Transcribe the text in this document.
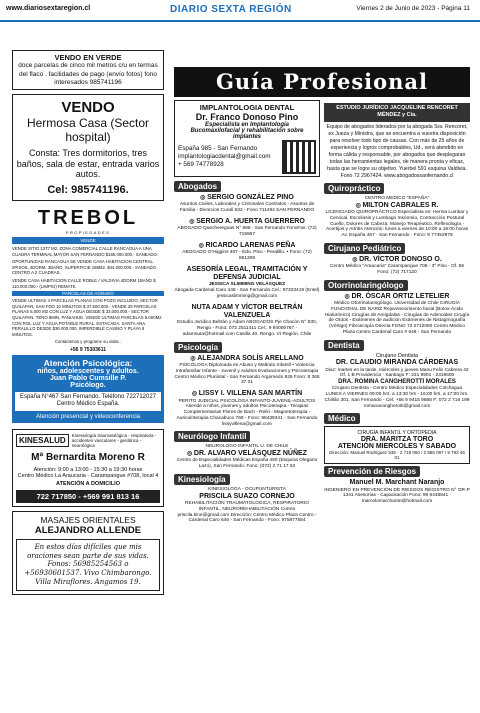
www.diariosextaregion.cl	DIARIO SEXTA REGIÓN	Viernes 2 de Junio de 2023 - Página 11
VENDO EN VERDE
doce parcelas de cinco mil metros c/u en termas del flaco . facilidades de pago (envío fotos) fono interesados 985741196
VENDO
Hermosa Casa (Sector hospital)
Consta: Tres dormitorios, tres baños, sala de estar, entrada varios autos.
Cel: 985741196.
TREBOL
PROPIEDADES
VENDE

VENDE SITIO 1377 M2. ZONA COMERCIAL CALLE RANCAGUA A UNA CUADRA TERMINAL MAYOR SAN FERNANDO $185.000.000.- SANEADO.

OPORTUNIDAD RANCAGUA SE VENDE CASA HABITACION CENTRAL. 2PISOS, 4DORM, 3BAÑO, SUPERFICIE 188M2. $44.000.000.- SANEADO. CENTRO A 2 CUADRAS.

VENDE CASA HABITACION CALLE ROBLE / VALDIVIA 4DORM 1BAÑO $ 110.000.000.- (LIMPIO) REMATE

PARCELAS DE AGRADO

VENDE ULTIMAS 4 PARCELAS PLANAS CON POZO INCLUIDO, SECTOR QUILAPAN, SAN FDO 10 MINUTOS $ 37.500.000.- VENDE 29 PARCELAS PLANAS 5.000 M2 CON LUZ Y AGUA DESDE $ 33.000.000.- SECTOR QUILAPAN. TENO 8MIN, PANIAHUE. VENDE ULTIMAS PARCELAS 5.000M2 CON ROL LUZ Y AGUA POTABLE RURAL. ESTACADA. SANTA ANA. PERALILLO DESDE $36.000.000. IMPERDIBLE CASINO Y PLAYA 8 MINUTOS.

Contáctenos y programe su visita .

+56 9 75303611
Atención Psicológica:
niños, adolescentes y adultos.
Juan Pablo Cumsille P.
Psicólogo.
España N°467 San Fernando. Teléfono 722712027 Centro Médico España.
Atención presencial y videoconferencia
KINESALUD
Kinesiología traumatológica - respiratoria - accidentes vasculares - geriátrica - neurológica
Mª Bernardita Moreno R
Atención: 9:00 a 13:00 - 15:30 a 19:30 horas
Centro Médico La Araucaria - Carampangue #708, local 4
ATENCIÓN A DOMICILIO
722 717850 - +569 991 813 16
MASAJES ORIENTALES
ALEJANDRO ALLENDE
En estos días difíciles que mis oraciones sean parte de sus vidas. Fonos: 56985254563 o +56930601537. Vivo Chimbarongo. Villa Miraflores. Angamos 19.
Guía Profesional
IMPLANTOLOGIA DENTAL
Dr. Franco Donoso Pino
Especialista en Implantología
Bucomaxilofacial y rehabilitación sobre implantes
España 985 - San Fernando
implantologiacdental@gmail.com
+ 569 74778928
Abogados
◎ SERGIO GONZÁLEZ PINO
Asuntos Civiles, Laborales y Criminales Contratos - Asuntos de Familia - Divorcios Curalí 532 - Fono 711494 SAN FERNANDO
◎ SERGIO A. HUERTA GUERRERO
ABOGADO Quechereguas N° 688 - San Fernando FonoFax: (72) 715967
◎ RICARDO LARENAS PEÑA
ABOGADO O'Higgins 407 - Edo. Piso - Peralillo. • Fono: (72) 861308
ASESORÍA LEGAL, TRAMITACIÓN Y DEFENSA JUDICIAL
JESSICA SLIMMING VELÁSQUEZ
Abogada Cardenal Caro 448 - San Fernando Cel.: 87323419 (Entel) jessicaslimming@gmail.com
NUTA ADAM Y VÍCTOR BELTRÁN VALENZUELA
Estudio Jurídico Beltrán y Adam ABOGADOS Pje Chacón N° 930, Rengo - Fono: 072 2511411 Cel.: 9 94006767 - adamnuta@hotmail.com Casilla 40. Rengo. VI Región. Chile
Psicología
◎ ALEJANDRA SOLÍS ARELLANO
PSICÓLOGA Diplomada en Abuso y Maltrato Infantil • Violencia Intrafamiliar Infante - Juvenil y Adultos Evaluaciones y Psicoterapia Centro Médico Pluriintal - San Fernando Argomedo 626 Fono: 8 365 37 01
◎ LISSY I. VILLENA SAN MARTÍN
PERITO JUDICIAL PSICOLOGA INFANTO-JUVENIL-ADULTOS Atiende a niños, jóvenes y adultos Psicoterapia - Terapias Complementarias Flores de Bach - Reiki - Magnetoterapia - Auriculoterapia Chacabuco 768 - Fono: 98439341 - San Fernando lissyvillena@gmail.com
Neurólogo Infantil
NEUROLOGO INFANTIL U. DE CHILE
◎ DR. ALVARO VELÁSQUEZ NÚÑEZ
Centro de Especialidades Médicas España 450 (Esquina Olegario Lazo), San Fernando. Fono: (072) 2 71 17 62
Kinesiología
KINESIOLOGA - OCUPUNTURISTA
PRISCILA SUAZO CORNEJO
REHABILITACIÓN TRAUMATOLÓGICA, RESPIRATORIO INFANTIL, NEUROREHABILITACIÓN Correo priscila.kine@gmail.com Dirección: Centro Médico Plaza Centro - Cardenal Caro 646 - San Fernando - Fono: 975877584
ESTUDIO JURÍDICO JACQUELINE RENCORET MÉNDEZ y Cía.
Equipo de abogados liderados por la abogada Sra. Rencoret, ex Jueza y Ministra, que se encuentra a vuestra disposición para resolver todo tipo de causas. Con más de 25 años de experiencia y logros comprobables, Ud., será atendido en forma cálida y responsable, por abogados que desplegaran todas las herramientas legales, de manera pronta y eficaz, hasta que se logre su objetivo. Yuerbel 591 esquina Valdivia. Fono 72 2967424. www.abogadossanfernando.cl
Quiropráctico
CENTRO MEDICO "ESPAÑA"
◎ MILTON CABRALES R.
LICENCIADO QUIROPRÁCTICO Especialista en: Hernia Lumbar y Cervical, Escoliosis y Lumbago Insómnio, Contracción Postural Cuello, Dolores de Cabeza, Manejo Terapéutico, Reflexología - Acertijos y Artritis Atención: lunes a viernes de 10:00 a 19:00 horas Av. España 467 · San Fernando · Fono: 9 77452978
Cirujano Pediátrico
◎ DR. VÍCTOR DONOSO O.
Centro Médico "Araucaria" Carampangue 708 - 3º Piso - Of. 56 Fono: (72) 717120
Otorrinolaringólogo
◎ DR. ÓSCAR ORTIZ LETELIER
Médico Otorrinolaringólogo. Universidad de Chile CIRUGÍA FUNCIONAL DE NARIZ Rejuvenecimiento facial (Botox-Ácido Hialurónico) Cirugías de Amígdalas - Cirugías de Adenoides Cirugía de Oídos - Exámenes de audición Exámenes de Nistagmografía (Vértigo) Fibroscopía Directa FONO 72 2712060 Centro Médico Plaza Centro Cardenal Caro # 646 - San Fernando
Dentista
Cirujano Dentista
DR. CLAUDIO MIRANDA CÁRDENAS
Diaz: martes en la tarde, miércoles y jueves Manu Felix Cabrera 42 Of. 1 B Providencia · Santiago F: 231 9901 - 2319600
DRA. ROMINA CANGHEROTTI MORALES
Cirujano Dentista - Centro Médico Especialidades Colchagua LUNES A VIERNES 09:00 hrs. a 13:30 hrs - 16:00 hrs. a 17:00 hrs. Chillán 301, San Fernando - Cel: +56 9 9415 9888 F: 072 2 718 199 romanacangherotti@gmail.com
Médico
CIRUGÍA INFANTIL Y ORTOPEDIA
DRA. MARITZA TORO
ATENCIÓN MIERCOLES Y SABADO
Dirección: Manuel Rodríguez 535 · 2 718 050 / 2 585 097 / 9 793 46 01
Prevención de Riesgos
Manuel M. Marchant Naranjo
INGENIERO EN PREVENCIÓN DE RIESGOS REGISTRO N° OR-P 1341 Asesorías - Capacitación Fono: 99 6448841 · marcelomarchantn@hotmail.com
